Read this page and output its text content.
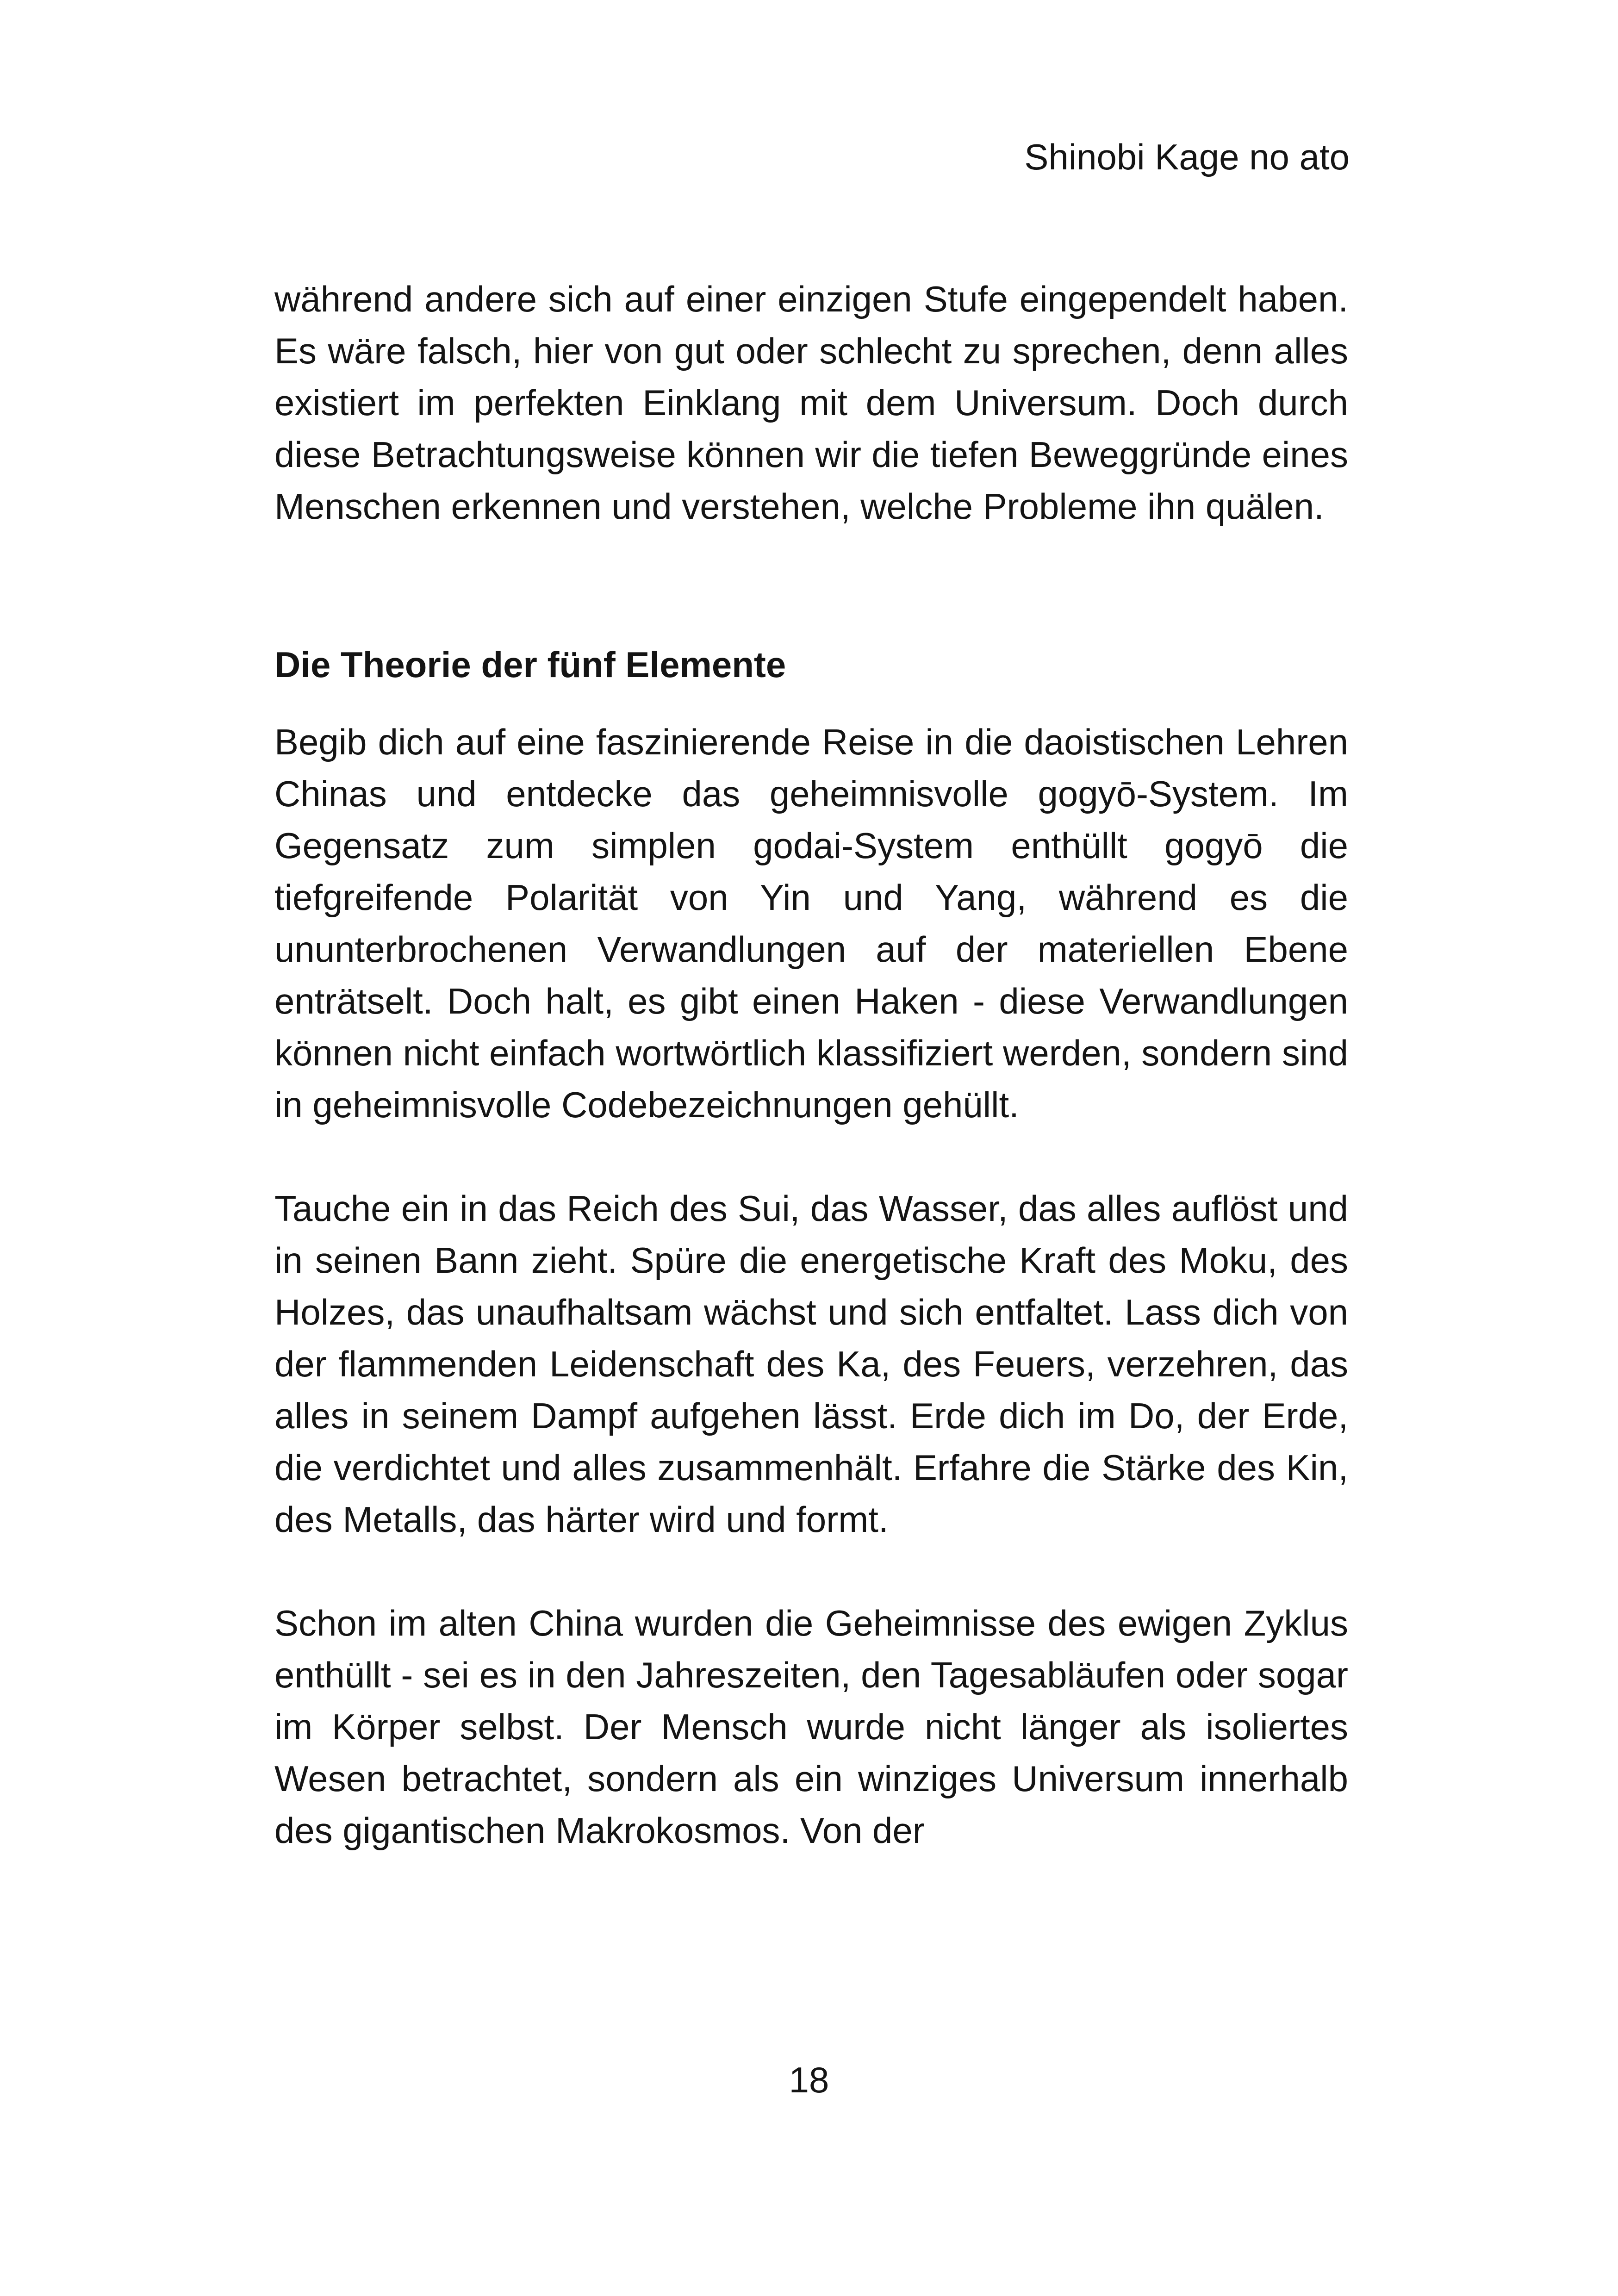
Shinobi Kage no ato

während andere sich auf einer einzigen Stufe eingependelt haben. Es wäre falsch, hier von gut oder schlecht zu sprechen, denn alles existiert im perfekten Einklang mit dem Universum. Doch durch diese Betrachtungsweise können wir die tiefen Beweggründe eines Menschen erkennen und verstehen, welche Probleme ihn quälen.

Die Theorie der fünf Elemente

Begib dich auf eine faszinierende Reise in die daoistischen Lehren Chinas und entdecke das geheimnisvolle gogyō-System. Im Gegensatz zum simplen godai-System enthüllt gogyō die tiefgreifende Polarität von Yin und Yang, während es die ununterbrochenen Verwandlungen auf der materiellen Ebene enträtselt. Doch halt, es gibt einen Haken - diese Verwandlungen können nicht einfach wortwörtlich klassifiziert werden, sondern sind in geheimnisvolle Codebezeichnungen gehüllt.

Tauche ein in das Reich des Sui, das Wasser, das alles auflöst und in seinen Bann zieht. Spüre die energetische Kraft des Moku, des Holzes, das unaufhaltsam wächst und sich entfaltet. Lass dich von der flammenden Leidenschaft des Ka, des Feuers, verzehren, das alles in seinem Dampf aufgehen lässt. Erde dich im Do, der Erde, die verdichtet und alles zusammenhält. Erfahre die Stärke des Kin, des Metalls, das härter wird und formt.

Schon im alten China wurden die Geheimnisse des ewigen Zyklus enthüllt - sei es in den Jahreszeiten, den Tagesabläufen oder sogar im Körper selbst. Der Mensch wurde nicht länger als isoliertes Wesen betrachtet, sondern als ein winziges Universum innerhalb des gigantischen Makrokosmos. Von der

18
